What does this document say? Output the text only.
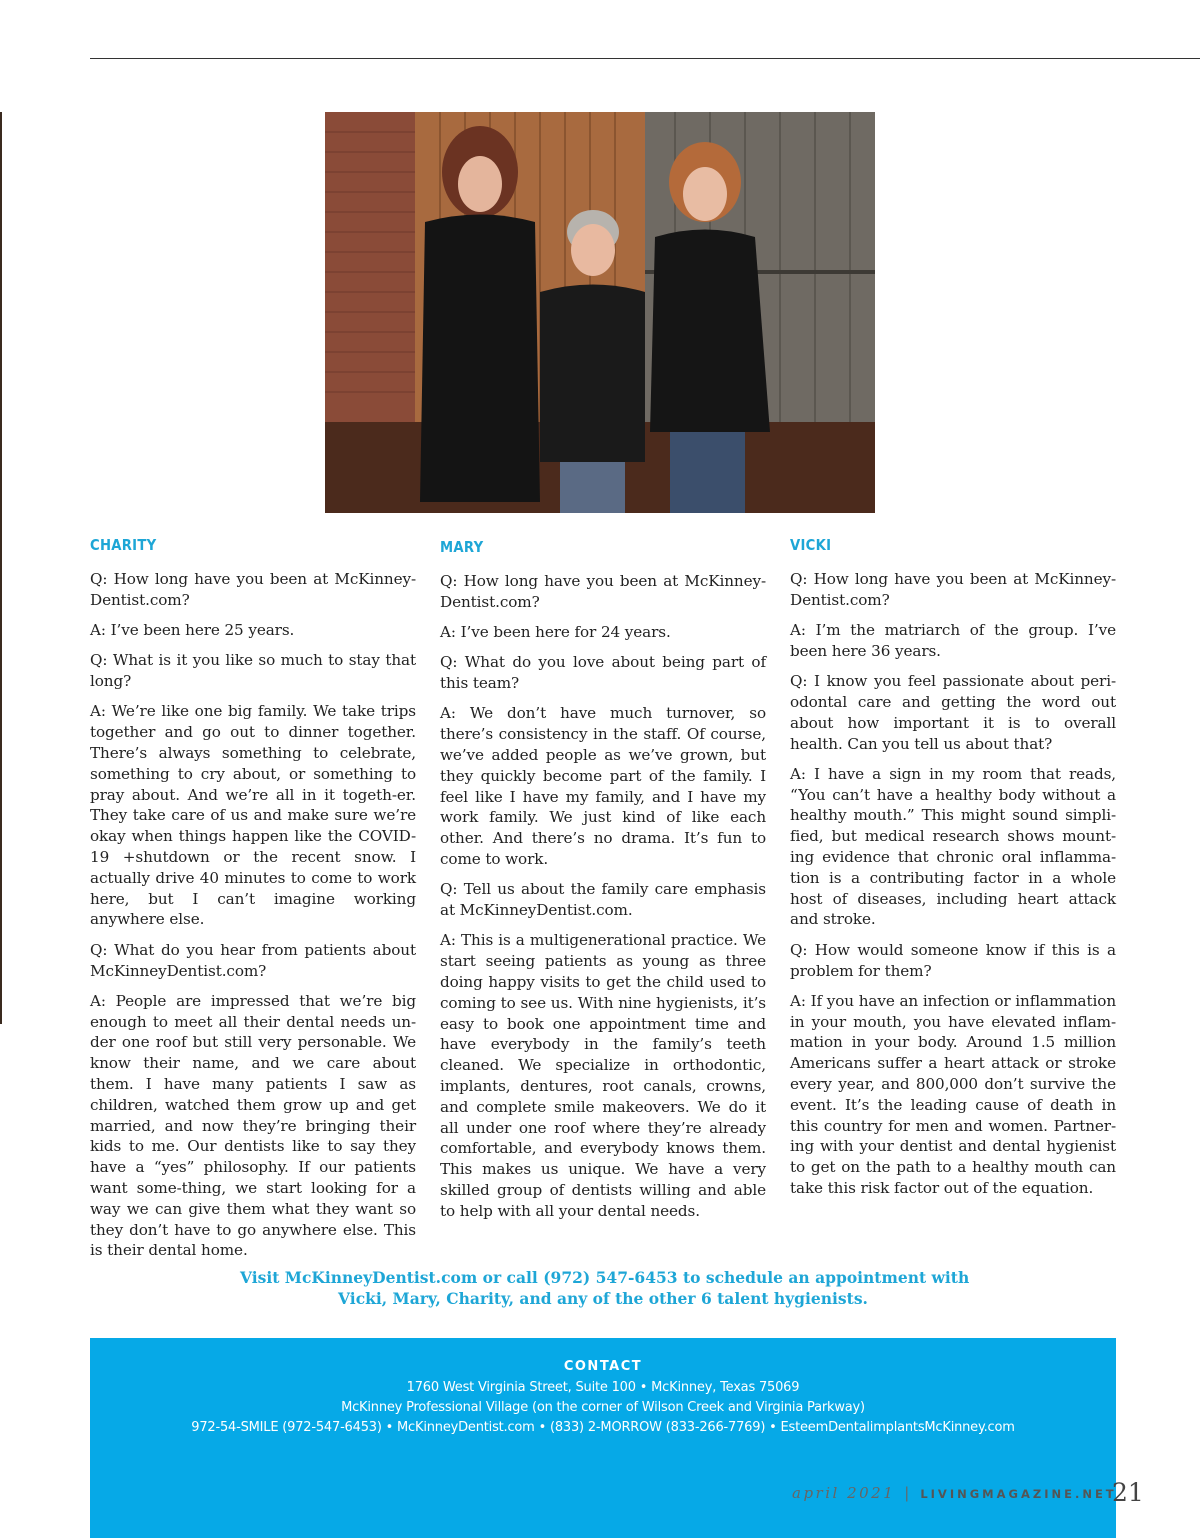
CHARITY

Q: How long have you been at McKinney-Dentist.com?

A: I’ve been here 25 years.

Q: What is it you like so much to stay that long?

A: We’re like one big family. We take trips together and go out to dinner together. There’s always something to celebrate, something to cry about, or something to pray about. And we’re all in it togeth-er. They take care of us and make sure we’re okay when things happen like the COVID-19 +shutdown or the recent snow. I actually drive 40 minutes to come to work here, but I can’t imagine working anywhere else.

Q: What do you hear from patients about McKinneyDentist.com?

A: People are impressed that we’re big enough to meet all their dental needs un-der one roof but still very personable. We know their name, and we care about them. I have many patients I saw as children, watched them grow up and get married, and now they’re bringing their kids to me. Our dentists like to say they have a “yes” philosophy. If our patients want some-thing, we start looking for a way we can give them what they want so they don’t have to go anywhere else. This is their dental home.

MARY

Q: How long have you been at McKinney-Dentist.com?

A: I’ve been here for 24 years.

Q: What do you love about being part of this team?

A: We don’t have much turnover, so there’s consistency in the staff. Of course, we’ve added people as we’ve grown, but they quickly become part of the family. I feel like I have my family, and I have my work family. We just kind of like each other. And there’s no drama. It’s fun to come to work.

Q: Tell us about the family care emphasis at McKinneyDentist.com.

A: This is a multigenerational practice. We start seeing patients as young as three doing happy visits to get the child used to coming to see us. With nine hygienists, it’s easy to book one appointment time and have everybody in the family’s teeth cleaned. We specialize in orthodontic, implants, dentures, root canals, crowns, and complete smile makeovers. We do it all under one roof where they’re already comfortable, and everybody knows them. This makes us unique. We have a very skilled group of dentists willing and able to help with all your dental needs.

VICKI

Q: How long have you been at McKinney-Dentist.com?

A: I’m the matriarch of the group. I’ve been here 36 years.

Q: I know you feel passionate about peri-odontal care and getting the word out about how important it is to overall health. Can you tell us about that?

A: I have a sign in my room that reads, “You can’t have a healthy body without a healthy mouth.” This might sound simpli-fied, but medical research shows mount-ing evidence that chronic oral inflamma-tion is a contributing factor in a whole host of diseases, including heart attack and stroke.

Q: How would someone know if this is a problem for them?

A: If you have an infection or inflammation in your mouth, you have elevated inflam-mation in your body. Around 1.5 million Americans suffer a heart attack or stroke every year, and 800,000 don’t survive the event. It’s the leading cause of death in this country for men and women. Partner-ing with your dentist and dental hygienist to get on the path to a healthy mouth can take this risk factor out of the equation.

Visit McKinneyDentist.com or call (972) 547-6453 to schedule an appointment with
Vicki, Mary, Charity, and any of the other 6 talent hygienists.
CONTACT
1760 West Virginia Street, Suite 100 • McKinney, Texas 75069
McKinney Professional Village (on the corner of Wilson Creek and Virginia Parkway)
972-54-SMILE (972-547-6453) • McKinneyDentist.com • (833) 2-MORROW (833-266-7769) • EsteemDentalimplantsMcKinney.com
april 2021 | LIVINGMAGAZINE.NET
21
